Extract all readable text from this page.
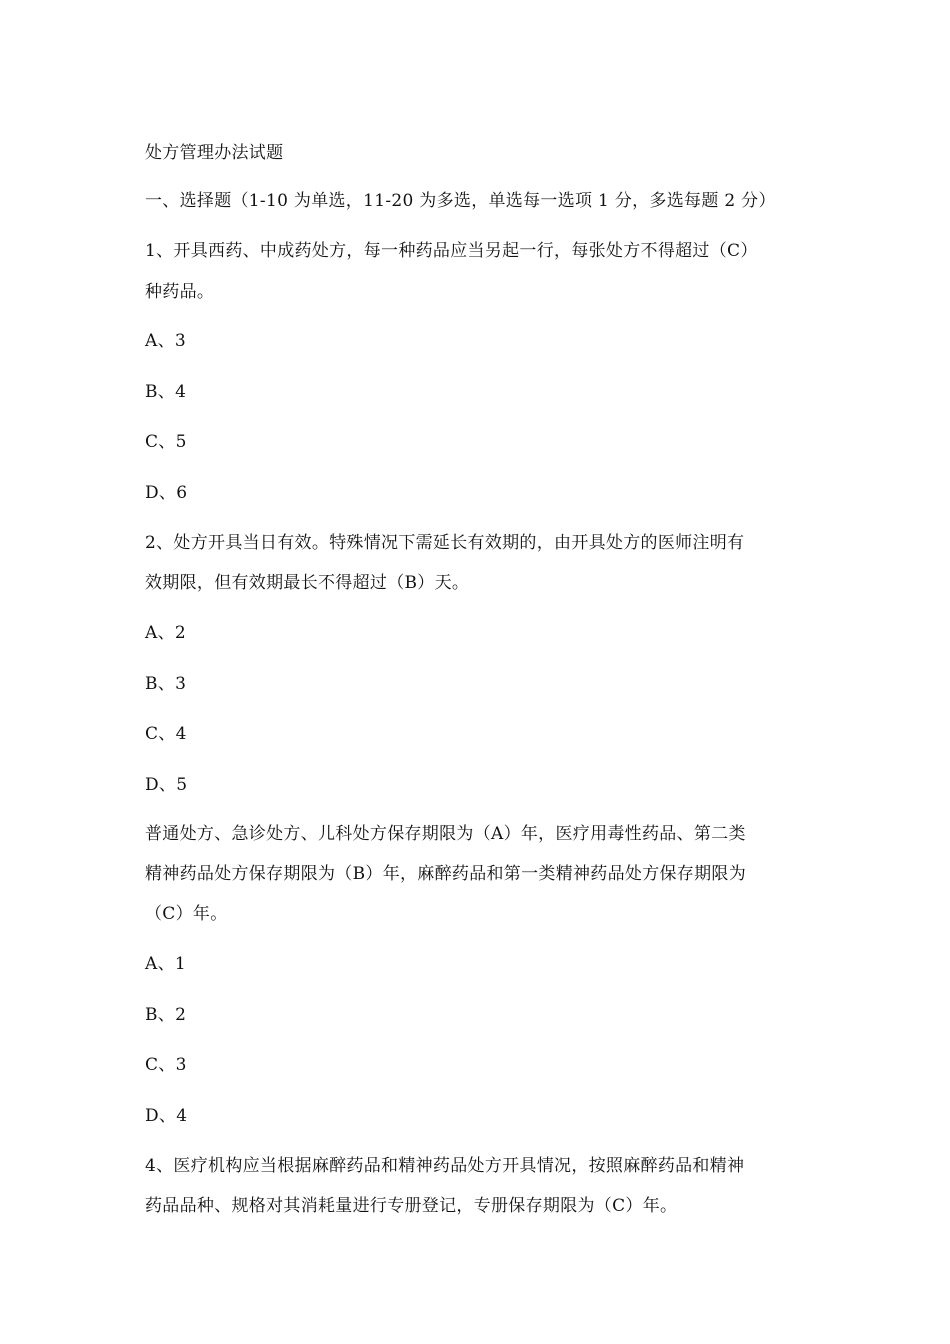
处方管理办法试题
一、选择题（1-10 为单选，11-20 为多选，单选每一选项 1 分，多选每题 2 分）
1、开具西药、中成药处方，每一种药品应当另起一行，每张处方不得超过（C）
种药品。
A、3
B、4
C、5
D、6
2、处方开具当日有效。特殊情况下需延长有效期的，由开具处方的医师注明有
效期限，但有效期最长不得超过（B）天。
A、2
B、3
C、4
D、5
普通处方、急诊处方、儿科处方保存期限为（A）年，医疗用毒性药品、第二类
精神药品处方保存期限为（B）年，麻醉药品和第一类精神药品处方保存期限为
（C）年。
A、1
B、2
C、3
D、4
4、医疗机构应当根据麻醉药品和精神药品处方开具情况，按照麻醉药品和精神
药品品种、规格对其消耗量进行专册登记，专册保存期限为（C）年。
